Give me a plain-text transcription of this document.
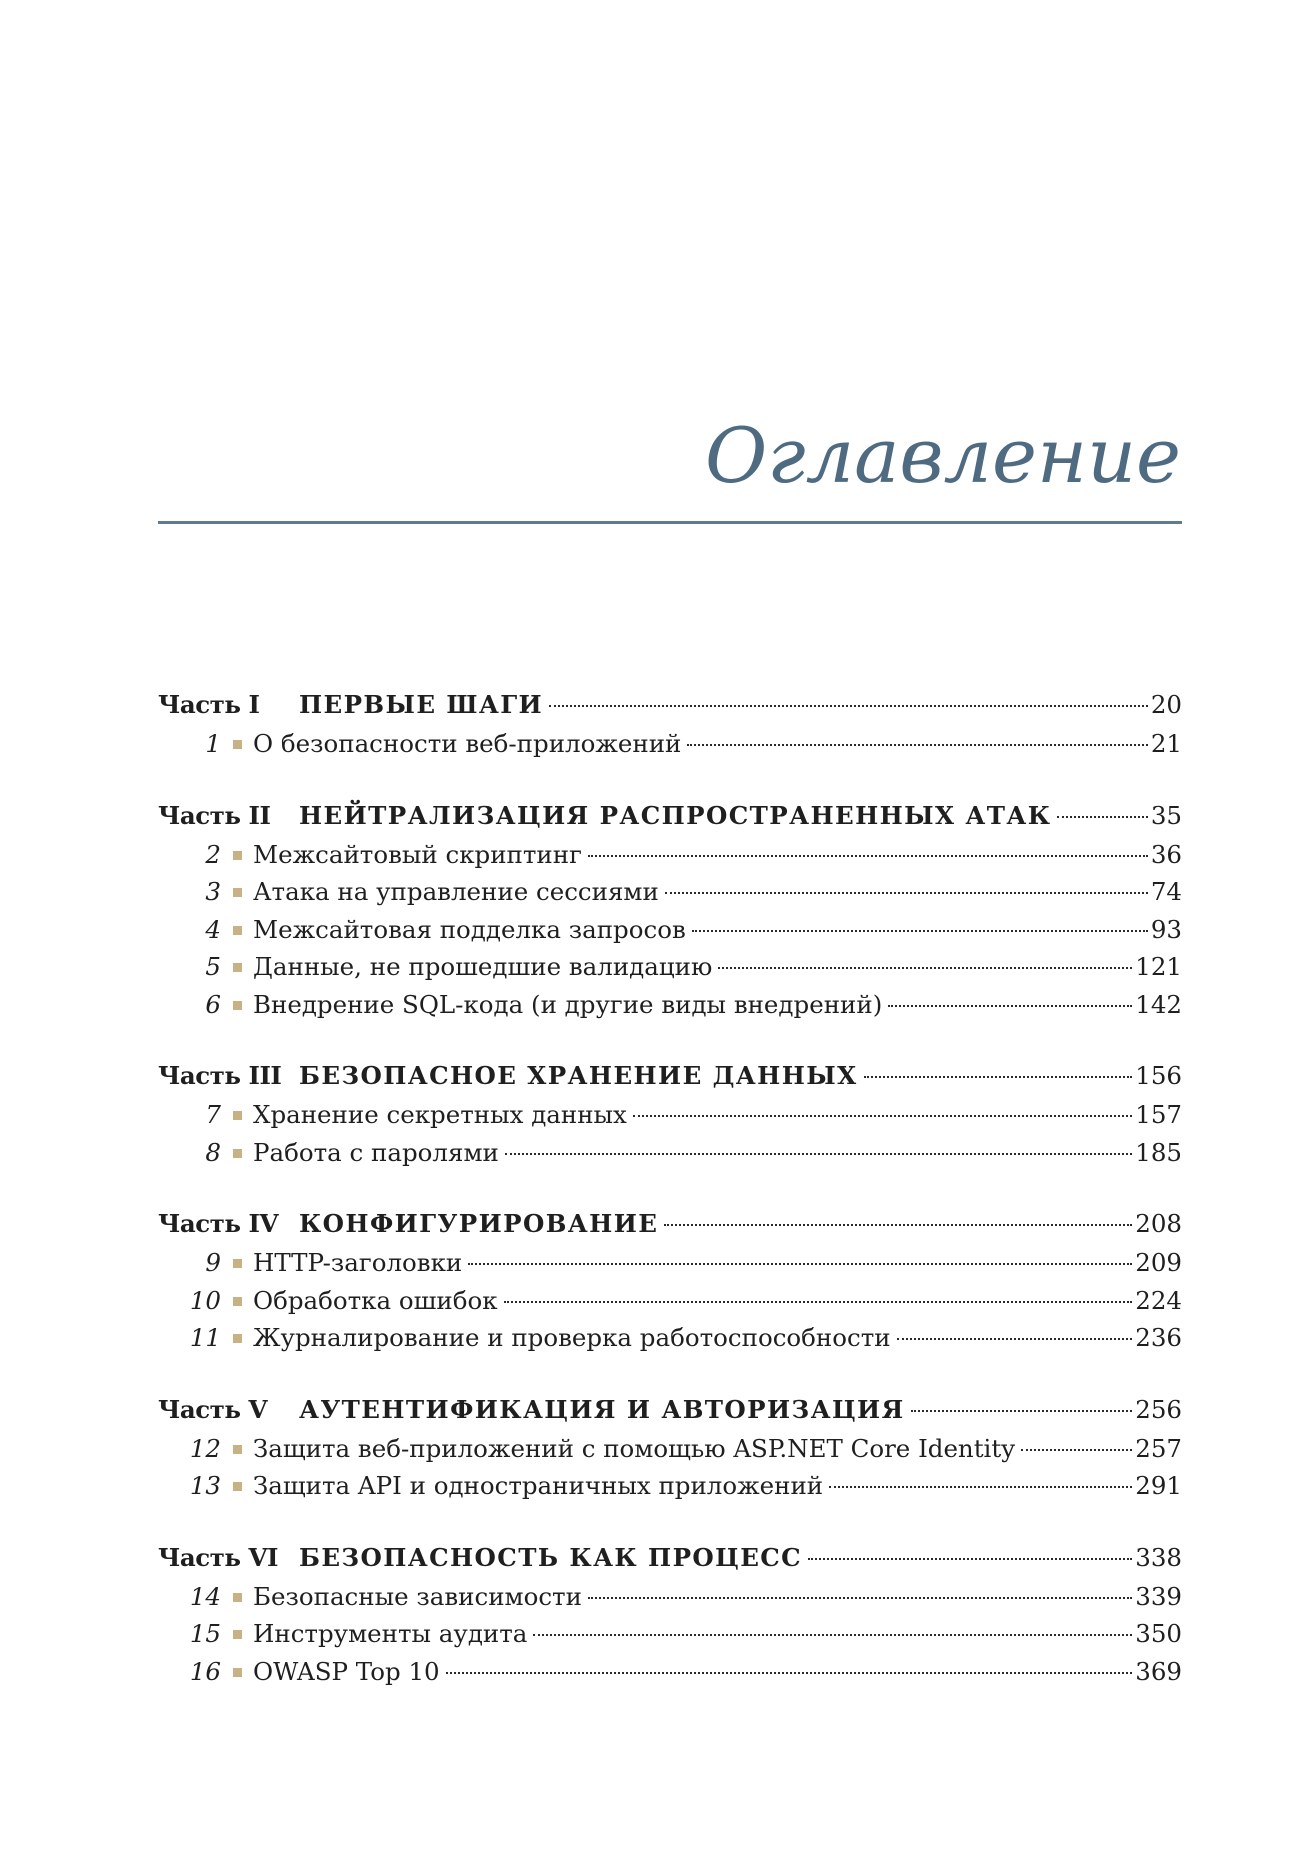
Оглавление
Часть I	ПЕРВЫЕ ШАГИ	20
1 О безопасности веб-приложений	21
Часть II	НЕЙТРАЛИЗАЦИЯ РАСПРОСТРАНЕННЫХ АТАК	35
2 Межсайтовый скриптинг	36
3 Атака на управление сессиями	74
4 Межсайтовая подделка запросов	93
5 Данные, не прошедшие валидацию	121
6 Внедрение SQL-кода (и другие виды внедрений)	142
Часть III БЕЗОПАСНОЕ ХРАНЕНИЕ ДАННЫХ	156
7 Хранение секретных данных	157
8 Работа с паролями	185
Часть IV КОНФИГУРИРОВАНИЕ	208
9 HTTP-заголовки	209
10 Обработка ошибок	224
11 Журналирование и проверка работоспособности	236
Часть V	АУТЕНТИФИКАЦИЯ И АВТОРИЗАЦИЯ	256
12 Защита веб-приложений с помощью ASP.NET Core Identity	257
13 Защита API и одностраничных приложений	291
Часть VI БЕЗОПАСНОСТЬ КАК ПРОЦЕСС	338
14 Безопасные зависимости	339
15 Инструменты аудита	350
16 OWASP Top 10	369
